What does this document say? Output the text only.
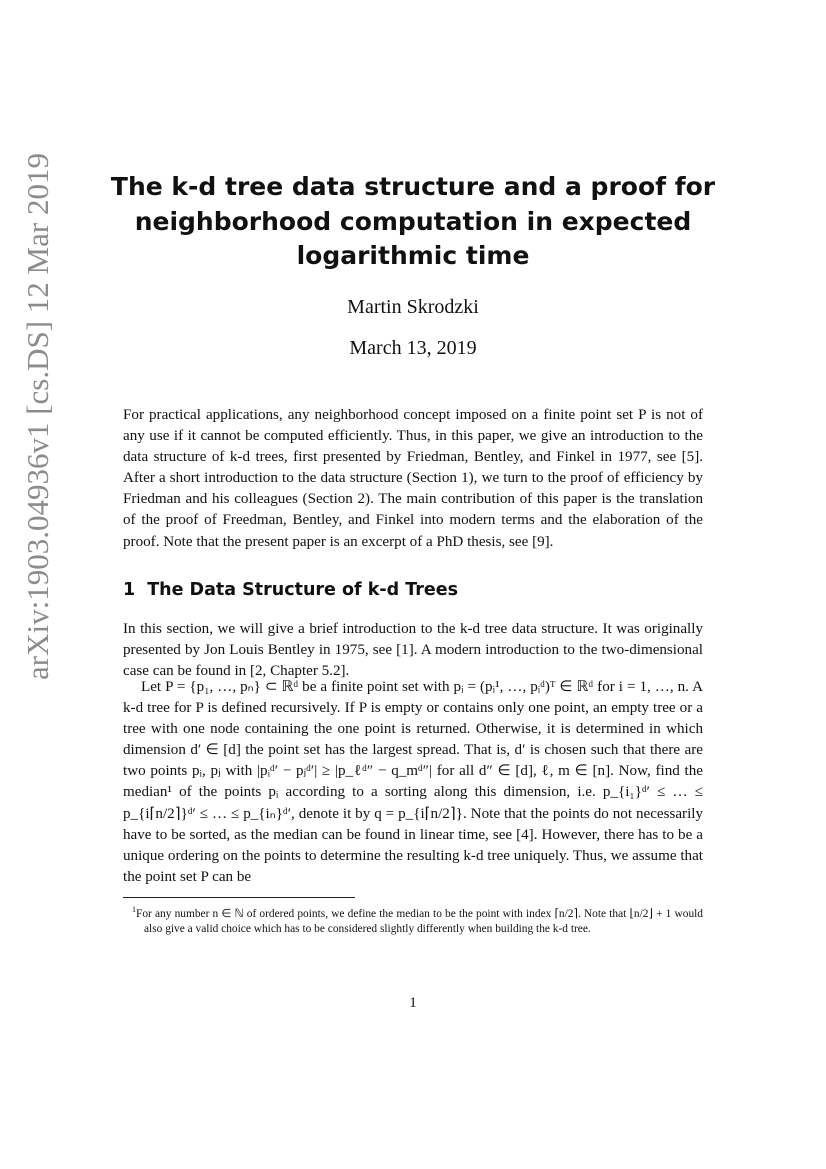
arXiv:1903.04936v1 [cs.DS] 12 Mar 2019 The k-d tree data structure and a proof for neighborhood computation in expected logarithmic time
Martin Skrodzki
March 13, 2019

For practical applications, any neighborhood concept imposed on a finite point set P is not of any use if it cannot be computed efficiently. Thus, in this paper, we give an introduction to the data structure of k-d trees, first presented by Friedman, Bentley, and Finkel in 1977, see [5]. After a short introduction to the data structure (Section 1), we turn to the proof of efficiency by Friedman and his colleagues (Section 2). The main contribution of this paper is the translation of the proof of Freedman, Bentley, and Finkel into modern terms and the elaboration of the proof. Note that the present paper is an excerpt of a PhD thesis, see [9].

1 The Data Structure of k-d Trees

In this section, we will give a brief introduction to the k-d tree data structure. It was originally presented by Jon Louis Bentley in 1975, see [1]. A modern introduction to the two-dimensional case can be found in [2, Chapter 5.2].

Let P = {p₁, …, pₙ} ⊂ ℝᵈ be a finite point set with pᵢ = (pᵢ¹, …, pᵢᵈ)ᵀ ∈ ℝᵈ for i = 1, …, n. A k-d tree for P is defined recursively. If P is empty or contains only one point, an empty tree or a tree with one node containing the one point is returned. Otherwise, it is determined in which dimension d′ ∈ [d] the point set has the largest spread. That is, d′ is chosen such that there are two points pᵢ, pⱼ with |pᵢᵈ′ − pⱼᵈ′| ≥ |p_ℓᵈ″ − q_mᵈ″| for all d″ ∈ [d], ℓ, m ∈ [n]. Now, find the median¹ of the points pᵢ according to a sorting along this dimension, i.e. p_{i₁}ᵈ′ ≤ … ≤ p_{i⌈n/2⌉}ᵈ′ ≤ … ≤ p_{iₙ}ᵈ′, denote it by q = p_{i⌈n/2⌉}. Note that the points do not necessarily have to be sorted, as the median can be found in linear time, see [4]. However, there has to be a unique ordering on the points to determine the resulting k-d tree uniquely. Thus, we assume that the point set P can be

$^1$For any number n ∈ ℕ of ordered points, we define the median to be the point with index ⌈n/2⌉. Note that ⌊n/2⌋ + 1 would also give a valid choice which has to be considered slightly differently when building the k-d tree.

1
